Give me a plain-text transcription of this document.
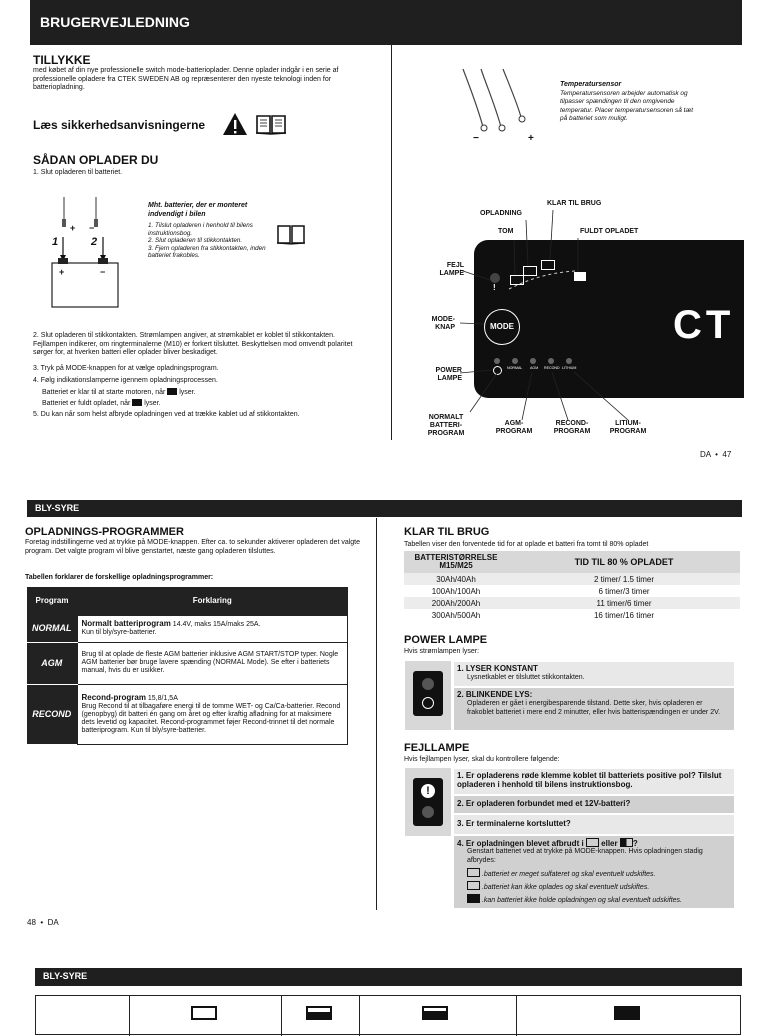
BRUGERVEJLEDNING
TILLYKKE
med købet af din nye professionelle switch mode-batterioplader. Denne oplader indgår i en serie af professionelle opladere fra CTEK SWEDEN AB og repræsenterer den nyeste teknologi inden for batteriopladning.
Læs sikkerhedsanvisningerne
SÅDAN OPLADER DU
1. Slut opladeren til batteriet.
+ −
1	2
+	−
Mht. batterier, der er monteret indvendigt i bilen
1. Tilslut opladeren i henhold til bilens instruktionsbog.
2. Slut opladeren til stikkontakten.
3. Fjern opladeren fra stikkontakten, inden batteriet frakobles.
2. Slut opladeren til stikkontakten. Strømlampen angiver, at strømkablet er koblet til stikkontakten. Fejllampen indikerer, om ringterminalerne (M10) er forkert tilsluttet. Beskyttelsen mod omvendt polaritet sørger for, at hverken batteri eller oplader bliver beskadiget.
3. Tryk på MODE-knappen for at vælge opladningsprogram.
4. Følg indikationslamperne igennem opladningsprocessen.
Batteriet er klar til at starte motoren, når lyser.
Batteriet er fuldt opladet, når lyser.
5. Du kan når som helst afbryde opladningen ved at trække kablet ud af stikkontakten.
−	+
Temperatursensor
Temperatursensoren arbejder automatisk og tilpasser spændingen til den omgivende temperatur. Placer temperatursensoren så tæt på batteriet som muligt.
!
MODE	CT
NORMAL AGM RECOND LITHIUM
OPLADNING
KLAR TIL BRUG
TOM	FULDT OPLADET
FEJL LAMPE
MODE-KNAP
POWER LAMPE
NORMALT BATTERI-PROGRAM
AGM-PROGRAM
RECOND-PROGRAM
LITIUM-PROGRAM
DA  •  47
BLY-SYRE
OPLADNINGS-PROGRAMMER
Foretag indstillingerne ved at trykke på MODE-knappen. Efter ca. to sekunder aktiverer opladeren det valgte program. Det valgte program vil blive genstartet, næste gang opladeren tilsluttes.
Tabellen forklarer de forskellige opladningsprogrammer:
Program	Forklaring
NORMAL	Normalt batteriprogram 14.4V, maks 15A/maks 25A.
Kun til bly/syre-batterier.
AGM	Brug til at oplade de fleste AGM batterier inklusive AGM START/STOP typer. Nogle AGM batterier bør bruge lavere spænding (NORMAL Mode). Se efter i batteriets manual, hvis du er usikker.
RECOND	Recond-program 15,8/1,5A
Brug Recond til at tilbagaføre energi til de tomme WET- og Ca/Ca-batterier. Recond (genopbyg) dit batteri én gang om året og efter kraftig afladning for at maksimere dets levetid og kapacitet. Recond-programmet føjer Recond-trinnet til det normale batteriprogram. Kun til bly/syre-batterier.
KLAR TIL BRUG
Tabellen viser den forventede tid for at oplade et batteri fra tomt til 80% opladet
BATTERISTØRRELSE M15/M25	TID TIL 80 % OPLADET
30Ah/40Ah	2 timer/ 1.5 timer
100Ah/100Ah	6 timer/3 timer
200Ah/200Ah	11 timer/6 timer
300Ah/500Ah	16 timer/16 timer
POWER LAMPE
Hvis strømlampen lyser:
1. LYSER KONSTANT
Lysnetkablet er tilsluttet stikkontakten.
2. BLINKENDE LYS:
Opladeren er gået i energibesparende tilstand. Dette sker, hvis opladeren er frakoblet batteriet i mere end 2 minutter, eller hvis batterispændingen er under 2V.
FEJLLAMPE
Hvis fejllampen lyser, skal du kontrollere følgende:
!
1. Er opladerens røde klemme koblet til batteriets positive pol? Tilslut opladeren i henhold til bilens instruktionsbog.
2. Er opladeren forbundet med et 12V-batteri?
3. Er terminalerne kortsluttet?
4. Er opladningen blevet afbrudt i eller ?
Genstart batteriet ved at trykke på MODE-knappen. Hvis opladningen stadig afbrydes:
.batteriet er meget sulfateret og skal eventuelt udskiftes.
.batteriet kan ikke oplades og skal eventuelt udskiftes.
.kan batteriet ikke holde opladningen og skal eventuelt udskiftes.
48  •  DA
BLY-SYRE
